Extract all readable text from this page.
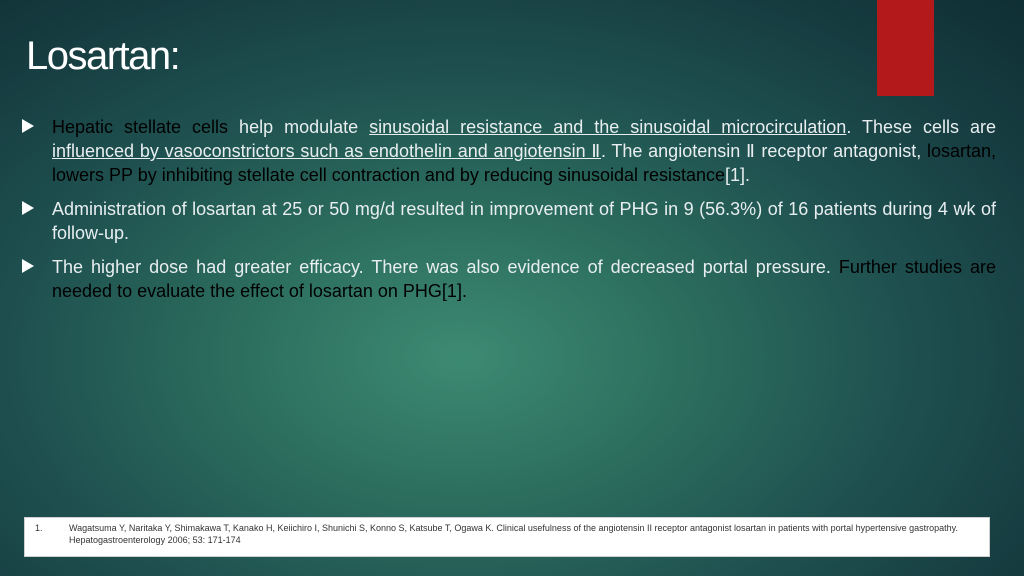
Losartan:
Hepatic stellate cells help modulate sinusoidal resistance and the sinusoidal microcirculation. These cells are influenced by vasoconstrictors such as endothelin and angiotensin Ⅱ. The angiotensin Ⅱ receptor antagonist, losartan, lowers PP by inhibiting stellate cell contraction and by reducing sinusoidal resistance[1].
Administration of losartan at 25 or 50 mg/d resulted in improvement of PHG in 9 (56.3%) of 16 patients during 4 wk of follow-up.
The higher dose had greater efficacy. There was also evidence of decreased portal pressure. Further studies are needed to evaluate the effect of losartan on PHG[1].
1.	Wagatsuma Y, Naritaka Y, Shimakawa T, Kanako H, Keiichiro I, Shunichi S, Konno S, Katsube T, Ogawa K. Clinical usefulness of the angiotensin II receptor antagonist losartan in patients with portal hypertensive gastropathy. Hepatogastroenterology 2006; 53: 171-174
